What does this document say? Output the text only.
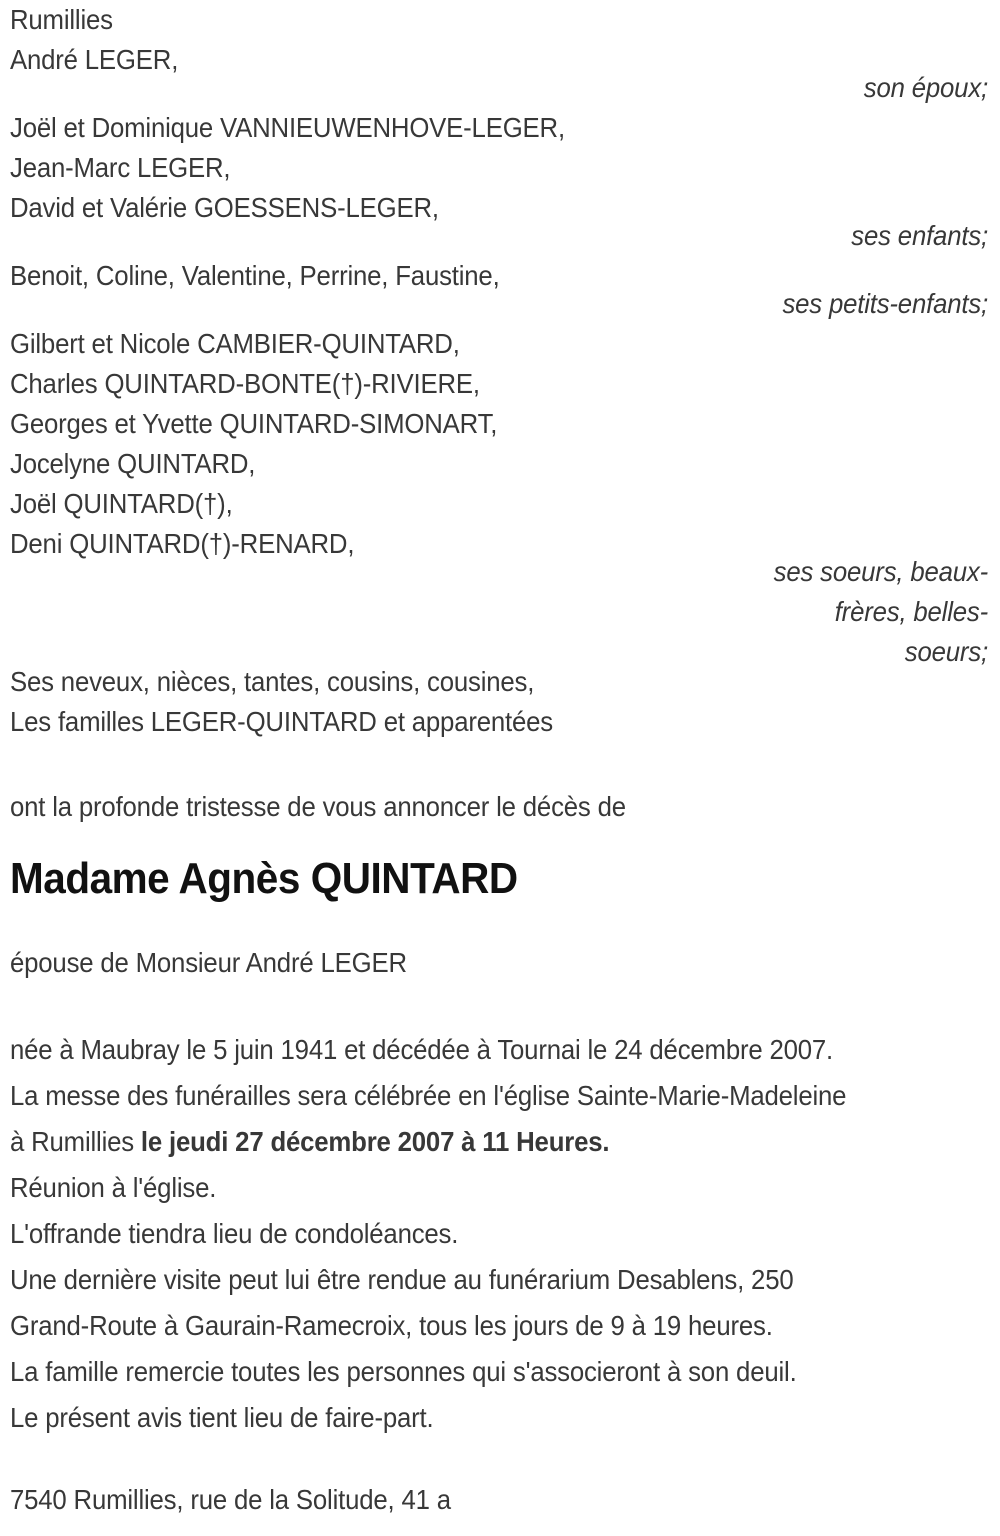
Rumillies
André LEGER,
son époux;
Joël et Dominique VANNIEUWENHOVE-LEGER,
Jean-Marc LEGER,
David et Valérie GOESSENS-LEGER,
ses enfants;
Benoit, Coline, Valentine, Perrine, Faustine,
ses petits-enfants;
Gilbert et Nicole CAMBIER-QUINTARD,
Charles QUINTARD-BONTE(†)-RIVIERE,
Georges et Yvette QUINTARD-SIMONART,
Jocelyne QUINTARD,
Joël QUINTARD(†),
Deni QUINTARD(†)-RENARD,
ses soeurs, beaux-
frères, belles-
soeurs;
Ses neveux, nièces, tantes, cousins, cousines,
Les familles LEGER-QUINTARD et apparentées
ont la profonde tristesse de vous annoncer le décès de
Madame Agnès QUINTARD
épouse de Monsieur André LEGER
née à Maubray le 5 juin 1941 et décédée à Tournai le 24 décembre 2007.
La messe des funérailles sera célébrée en l'église Sainte-Marie-Madeleine
à Rumillies le jeudi 27 décembre 2007 à 11 Heures.
Réunion à l'église.
L'offrande tiendra lieu de condoléances.
Une dernière visite peut lui être rendue au funérarium Desablens, 250
Grand-Route à Gaurain-Ramecroix, tous les jours de 9 à 19 heures.
La famille remercie toutes les personnes qui s'associeront à son deuil.
Le présent avis tient lieu de faire-part.
7540 Rumillies, rue de la Solitude, 41 a
